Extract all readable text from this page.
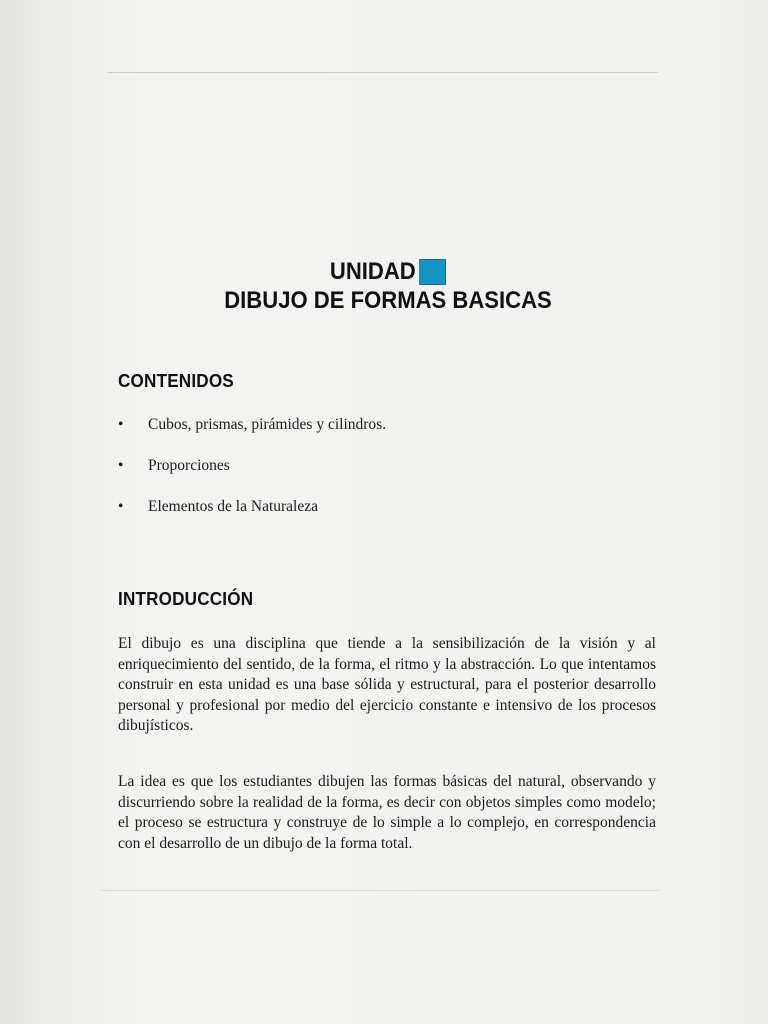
UNIDAD
DIBUJO DE FORMAS BASICAS
CONTENIDOS
• Cubos, prismas, pirámides y cilindros.
• Proporciones
• Elementos de la Naturaleza
INTRODUCCIÓN
El dibujo es una disciplina que tiende a la sensibilización de la visión y al enriquecimiento del sentido, de la forma, el ritmo y la abstracción. Lo que intentamos construir en esta unidad es una base sólida y estructural, para el posterior desarrollo personal y profesional por medio del ejercicio constante e intensivo de los procesos dibujísticos.
La idea es que los estudiantes dibujen las formas básicas del natural, observando y discurriendo sobre la realidad de la forma, es decir con objetos simples como modelo; el proceso se estructura y construye de lo simple a lo complejo, en correspondencia con el desarrollo de un dibujo de la forma total.
